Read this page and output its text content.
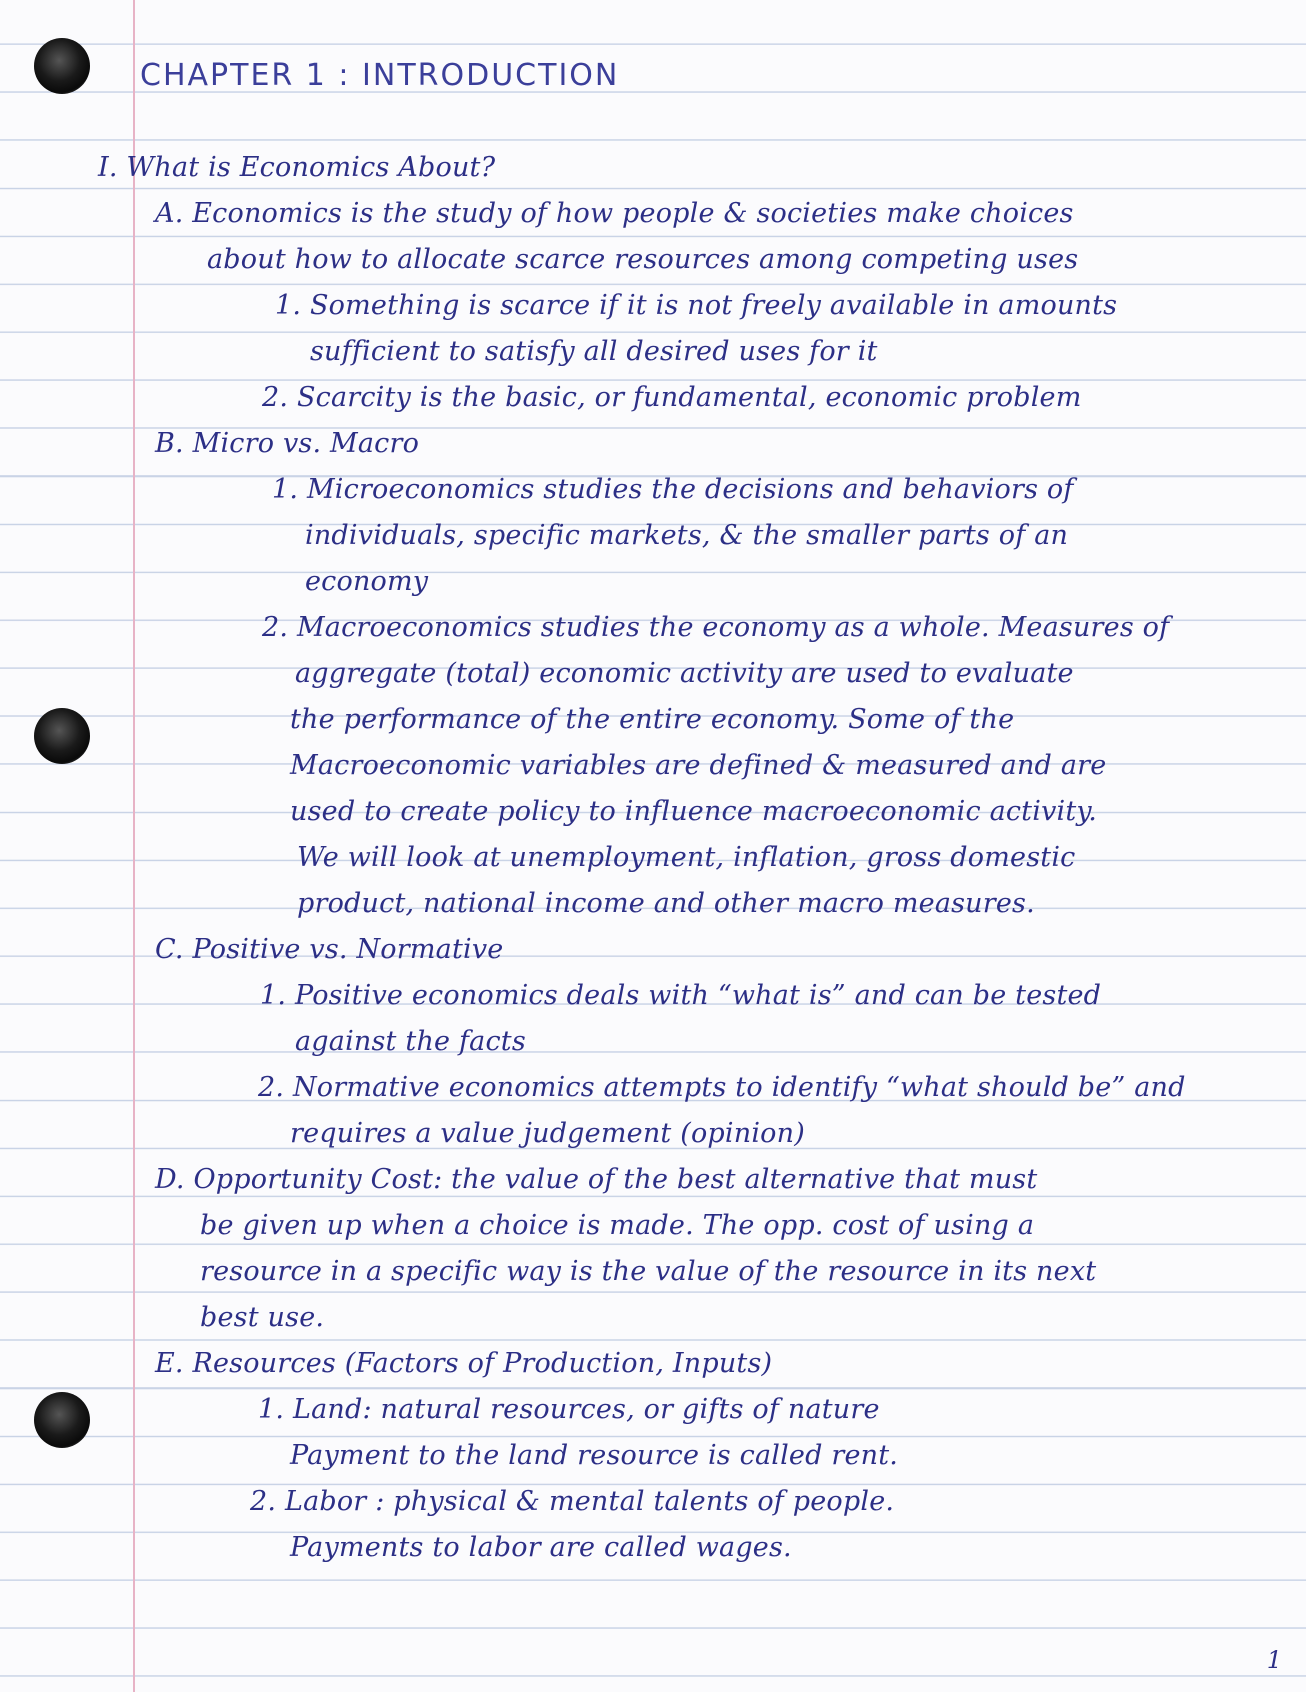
CHAPTER 1 : INTRODUCTION
I. What is Economics About?
A. Economics is the study of how people & societies make choices
about how to allocate scarce resources among competing uses
1. Something is scarce if it is not freely available in amounts
sufficient to satisfy all desired uses for it
2. Scarcity is the basic, or fundamental, economic problem
B. Micro vs. Macro
1. Microeconomics studies the decisions and behaviors of
individuals, specific markets, & the smaller parts of an
economy
2. Macroeconomics studies the economy as a whole. Measures of
aggregate (total) economic activity are used to evaluate
the performance of the entire economy. Some of the
Macroeconomic variables are defined & measured and are
used to create policy to influence macroeconomic activity.
We will look at unemployment, inflation, gross domestic
product, national income and other macro measures.
C. Positive vs. Normative
1. Positive economics deals with “what is” and can be tested
against the facts
2. Normative economics attempts to identify “what should be” and
requires a value judgement (opinion)
D. Opportunity Cost: the value of the best alternative that must
be given up when a choice is made. The opp. cost of using a
resource in a specific way is the value of the resource in its next
best use.
E. Resources (Factors of Production, Inputs)
1. Land: natural resources, or gifts of nature
Payment to the land resource is called rent.
2. Labor : physical & mental talents of people.
Payments to labor are called wages.
1
